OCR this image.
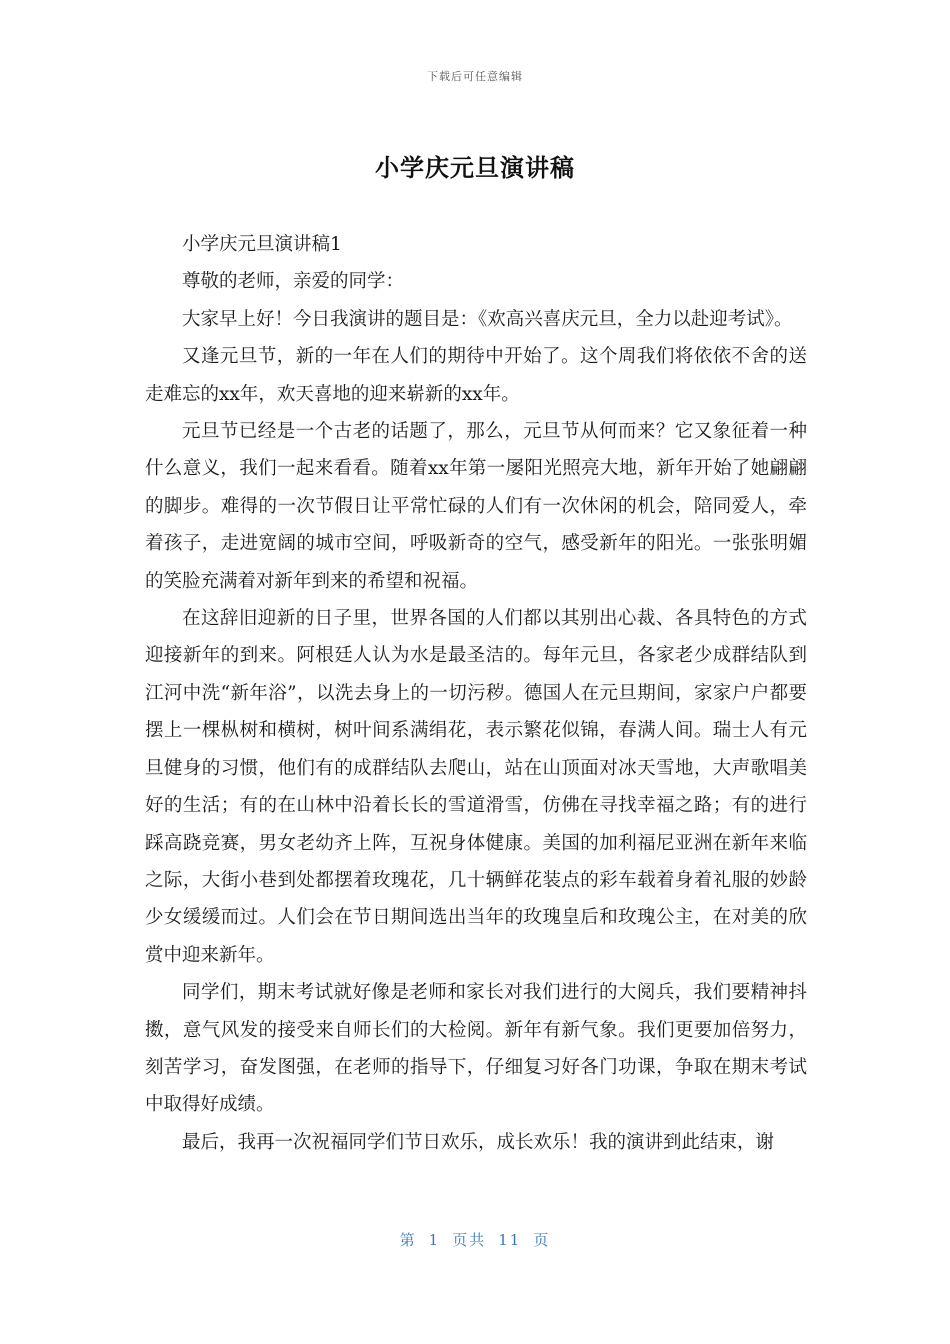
下载后可任意编辑
小学庆元旦演讲稿

小学庆元旦演讲稿1

尊敬的老师，亲爱的同学：

大家早上好！今日我演讲的题目是：《欢高兴喜庆元旦，全力以赴迎考试》。

又逢元旦节，新的一年在人们的期待中开始了。这个周我们将依依不舍的送走难忘的xx年，欢天喜地的迎来崭新的xx年。

元旦节已经是一个古老的话题了，那么，元旦节从何而来？它又象征着一种什么意义，我们一起来看看。随着xx年第一屡阳光照亮大地，新年开始了她翩翩的脚步。难得的一次节假日让平常忙碌的人们有一次休闲的机会，陪同爱人，牵着孩子，走进宽阔的城市空间，呼吸新奇的空气，感受新年的阳光。一张张明媚的笑脸充满着对新年到来的希望和祝福。

在这辞旧迎新的日子里，世界各国的人们都以其别出心裁、各具特色的方式迎接新年的到来。阿根廷人认为水是最圣洁的。每年元旦，各家老少成群结队到江河中洗“新年浴”，以洗去身上的一切污秽。德国人在元旦期间，家家户户都要摆上一棵枞树和横树，树叶间系满绢花，表示繁花似锦，春满人间。瑞士人有元旦健身的习惯，他们有的成群结队去爬山，站在山顶面对冰天雪地，大声歌唱美好的生活；有的在山林中沿着长长的雪道滑雪，仿佛在寻找幸福之路；有的进行踩高跷竞赛，男女老幼齐上阵，互祝身体健康。美国的加利福尼亚洲在新年来临之际，大街小巷到处都摆着玫瑰花，几十辆鲜花装点的彩车载着身着礼服的妙龄少女缓缓而过。人们会在节日期间选出当年的玫瑰皇后和玫瑰公主，在对美的欣赏中迎来新年。

同学们，期末考试就好像是老师和家长对我们进行的大阅兵，我们要精神抖擞，意气风发的接受来自师长们的大检阅。新年有新气象。我们更要加倍努力，刻苦学习，奋发图强，在老师的指导下，仔细复习好各门功课，争取在期末考试中取得好成绩。

最后，我再一次祝福同学们节日欢乐，成长欢乐！我的演讲到此结束，谢

第 1 页共 11 页
